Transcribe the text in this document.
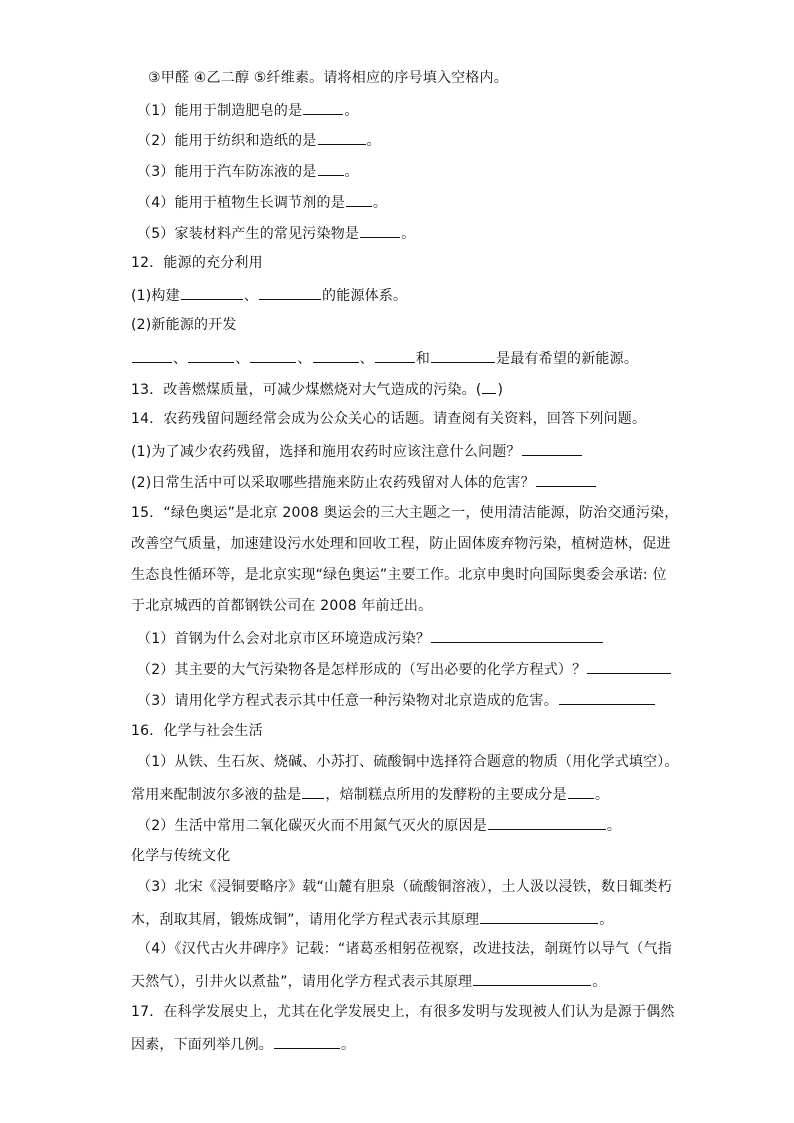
③甲醛 ④乙二醇 ⑤纤维素。请将相应的序号填入空格内。
（1）能用于制造肥皂的是	。
（2）能用于纺织和造纸的是	。
（3）能用于汽车防冻液的是 。
（4）能用于植物生长调节剂的是 。
（5）家装材料产生的常见污染物是	。
12．能源的充分利用
(1)构建	、	的能源体系。
(2)新能源的开发
、	、	、	、	和	是最有希望的新能源。
13．改善燃煤质量，可减少煤燃烧对大气造成的污染。( )
14．农药残留问题经常会成为公众关心的话题。请查阅有关资料，回答下列问题。
(1)为了减少农药残留，选择和施用农药时应该注意什么问题？
(2)日常生活中可以采取哪些措施来防止农药残留对人体的危害？
15．“绿色奥运”是北京 2008 奥运会的三大主题之一，使用清洁能源，防治交通污染，
改善空气质量，加速建设污水处理和回收工程，防止固体废弃物污染，植树造林，促进
生态良性循环等，是北京实现“绿色奥运”主要工作。北京申奥时向国际奥委会承诺: 位
于北京城西的首都钢铁公司在 2008 年前迁出。
（1）首钢为什么会对北京市区环境造成污染？
（2）其主要的大气污染物各是怎样形成的（写出必要的化学方程式）？
（3）请用化学方程式表示其中任意一种污染物对北京造成的危害。
16．化学与社会生活
（1）从铁、生石灰、烧碱、小苏打、硫酸铜中选择符合题意的物质（用化学式填空）。
常用来配制波尔多液的盐是 ，焙制糕点所用的发酵粉的主要成分是 。
（2）生活中常用二氧化碳灭火而不用氮气灭火的原因是	。
化学与传统文化
（3）北宋《浸铜要略序》载“山麓有胆泉（硫酸铜溶液），土人汲以浸铁，数日辄类朽
木，刮取其屑，锻炼成铜”，请用化学方程式表示其原理	。
（4）《汉代古火井碑序》记载：“诸葛丞相躬莅视察，改进技法，剞斑竹以导气（气指
天然气），引井火以煮盐”，请用化学方程式表示其原理	。
17．在科学发展史上，尤其在化学发展史上，有很多发明与发现被人们认为是源于偶然
因素，下面列举几例。	。
